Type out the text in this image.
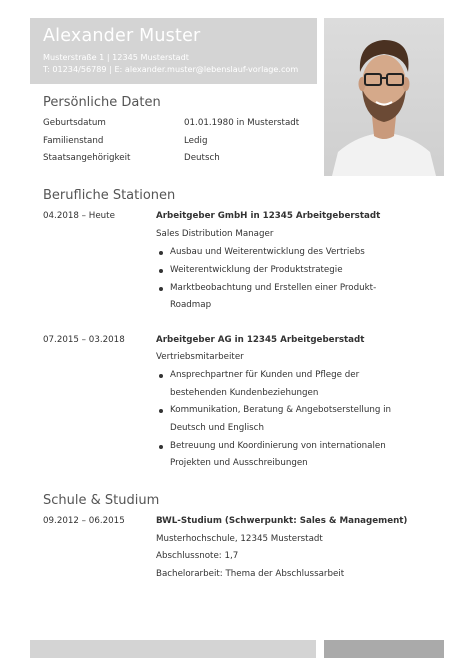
Alexander Muster
Musterstraße 1 | 12345 Musterstadt
T: 01234/56789 | E: alexander.muster@lebenslauf-vorlage.com
Persönliche Daten
Geburtsdatum	01.01.1980 in Musterstadt
Familienstand	Ledig
Staatsangehörigkeit	Deutsch
Berufliche Stationen
04.2018 – Heute	Arbeitgeber GmbH in 12345 Arbeitgeberstadt
Sales Distribution Manager
Ausbau und Weiterentwicklung des Vertriebs
Weiterentwicklung der Produktstrategie
Marktbeobachtung und Erstellen einer Produkt-
Roadmap
07.2015 – 03.2018	Arbeitgeber AG in 12345 Arbeitgeberstadt
Vertriebsmitarbeiter
Ansprechpartner für Kunden und Pflege der
bestehenden Kundenbeziehungen
Kommunikation, Beratung & Angebotserstellung in
Deutsch und Englisch
Betreuung und Koordinierung von internationalen
Projekten und Ausschreibungen
Schule & Studium
09.2012 – 06.2015	BWL-Studium (Schwerpunkt: Sales & Management)
Musterhochschule, 12345 Musterstadt
Abschlussnote: 1,7
Bachelorarbeit: Thema der Abschlussarbeit
